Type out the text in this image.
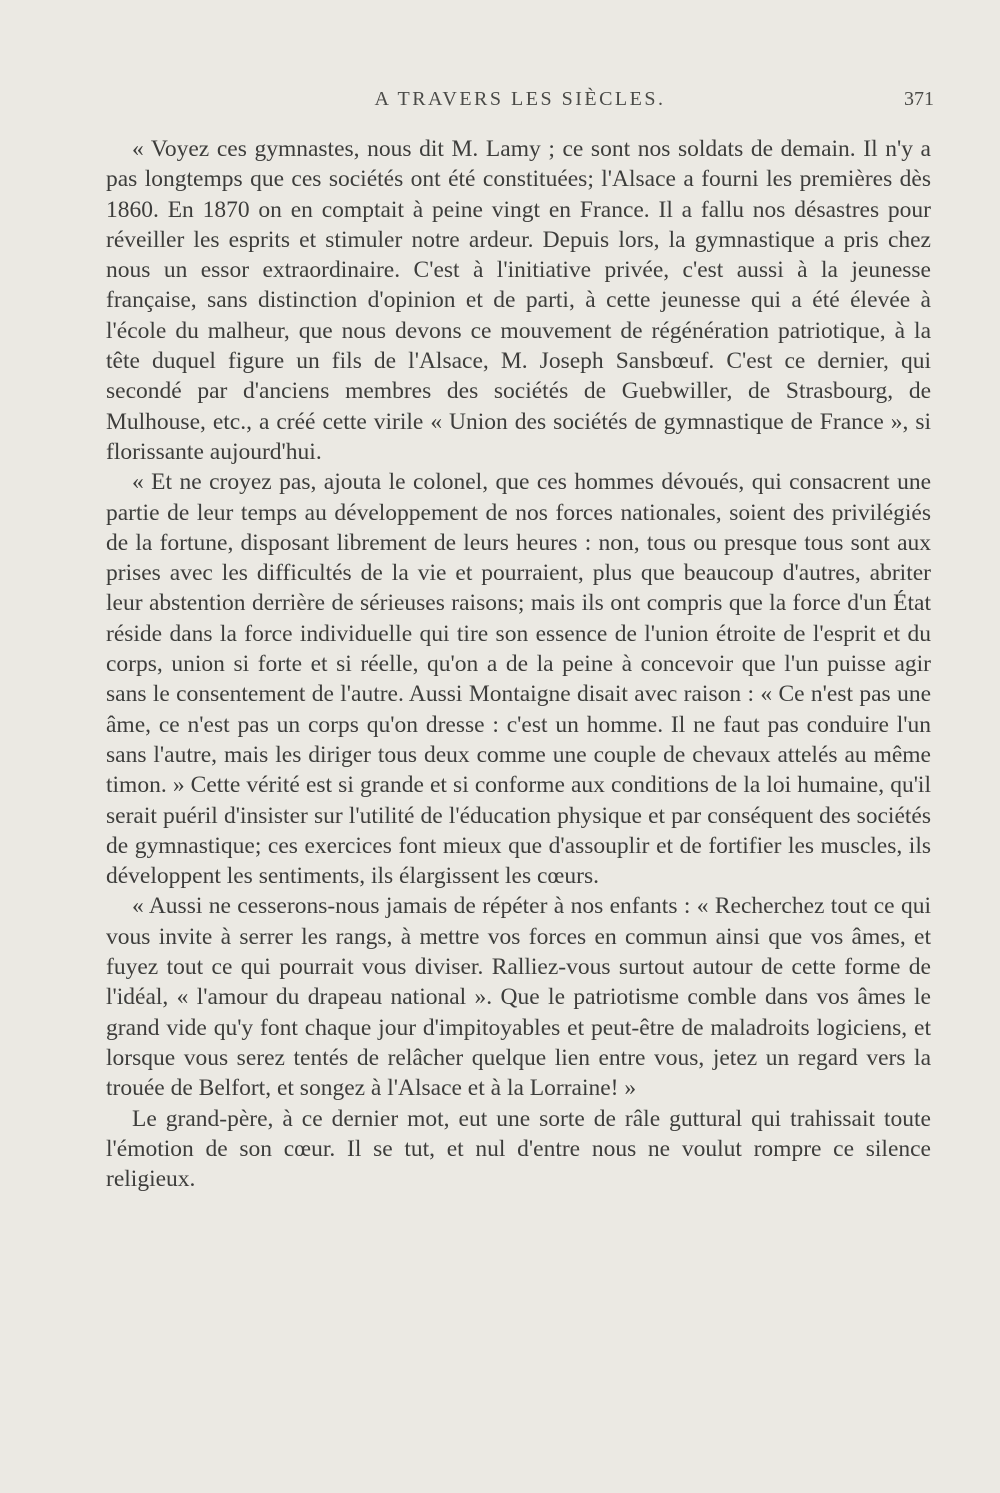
A TRAVERS LES SIÈCLES.	371

« Voyez ces gymnastes, nous dit M. Lamy ; ce sont nos soldats de demain. Il n'y a pas longtemps que ces sociétés ont été constituées; l'Alsace a fourni les premières dès 1860. En 1870 on en comptait à peine vingt en France. Il a fallu nos désastres pour réveiller les esprits et stimuler notre ardeur. Depuis lors, la gymnastique a pris chez nous un essor extraordinaire. C'est à l'initiative privée, c'est aussi à la jeunesse française, sans distinction d'opinion et de parti, à cette jeunesse qui a été élevée à l'école du malheur, que nous devons ce mouvement de régénération patriotique, à la tête duquel figure un fils de l'Alsace, M. Joseph Sansbœuf. C'est ce dernier, qui secondé par d'anciens membres des sociétés de Guebwiller, de Strasbourg, de Mulhouse, etc., a créé cette virile « Union des sociétés de gymnastique de France », si florissante aujourd'hui.

« Et ne croyez pas, ajouta le colonel, que ces hommes dévoués, qui consacrent une partie de leur temps au développement de nos forces nationales, soient des privilégiés de la fortune, disposant librement de leurs heures : non, tous ou presque tous sont aux prises avec les difficultés de la vie et pourraient, plus que beaucoup d'autres, abriter leur abstention derrière de sérieuses raisons; mais ils ont compris que la force d'un État réside dans la force individuelle qui tire son essence de l'union étroite de l'esprit et du corps, union si forte et si réelle, qu'on a de la peine à concevoir que l'un puisse agir sans le consentement de l'autre. Aussi Montaigne disait avec raison : « Ce n'est pas une âme, ce n'est pas un corps qu'on dresse : c'est un homme. Il ne faut pas conduire l'un sans l'autre, mais les diriger tous deux comme une couple de chevaux attelés au même timon. » Cette vérité est si grande et si conforme aux conditions de la loi humaine, qu'il serait puéril d'insister sur l'utilité de l'éducation physique et par conséquent des sociétés de gymnastique; ces exercices font mieux que d'assouplir et de fortifier les muscles, ils développent les sentiments, ils élargissent les cœurs.

« Aussi ne cesserons-nous jamais de répéter à nos enfants : « Recherchez tout ce qui vous invite à serrer les rangs, à mettre vos forces en commun ainsi que vos âmes, et fuyez tout ce qui pourrait vous diviser. Ralliez-vous surtout autour de cette forme de l'idéal, « l'amour du drapeau national ». Que le patriotisme comble dans vos âmes le grand vide qu'y font chaque jour d'impitoyables et peut-être de maladroits logiciens, et lorsque vous serez tentés de relâcher quelque lien entre vous, jetez un regard vers la trouée de Belfort, et songez à l'Alsace et à la Lorraine! »

Le grand-père, à ce dernier mot, eut une sorte de râle guttural qui trahissait toute l'émotion de son cœur. Il se tut, et nul d'entre nous ne voulut rompre ce silence religieux.
